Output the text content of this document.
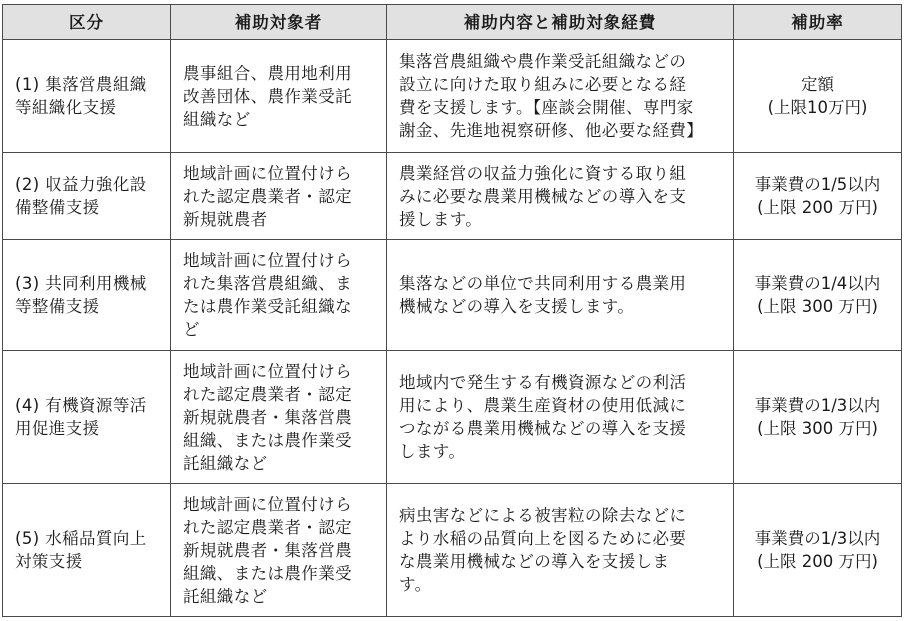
区分	補助対象者	補助内容と補助対象経費	補助率

(1) 集落営農組織
等組織化支援	農事組合、農用地利用
改善団体、農作業受託
組織など	集落営農組織や農作業受託組織などの
設立に向けた取り組みに必要となる経
費を支援します。【座談会開催、専門家
謝金、先進地視察研修、他必要な経費】	定額
(上限10万円)

(2) 収益力強化設
備整備支援	地域計画に位置付けら
れた認定農業者・認定
新規就農者	農業経営の収益力強化に資する取り組
みに必要な農業用機械などの導入を支
援します。	事業費の1/5以内
(上限 200 万円)

(3) 共同利用機械
等整備支援	地域計画に位置付けら
れた集落営農組織、ま
たは農作業受託組織な
ど	集落などの単位で共同利用する農業用
機械などの導入を支援します。	事業費の1/4以内
(上限 300 万円)

(4) 有機資源等活
用促進支援	地域計画に位置付けら
れた認定農業者・認定
新規就農者・集落営農
組織、または農作業受
託組織など	地域内で発生する有機資源などの利活
用により、農業生産資材の使用低減に
つながる農業用機械などの導入を支援
します。	事業費の1/3以内
(上限 300 万円)

(5) 水稲品質向上
対策支援	地域計画に位置付けら
れた認定農業者・認定
新規就農者・集落営農
組織、または農作業受
託組織など	病虫害などによる被害粒の除去などに
より水稲の品質向上を図るために必要
な農業用機械などの導入を支援しま
す。	事業費の1/3以内
(上限 200 万円)
